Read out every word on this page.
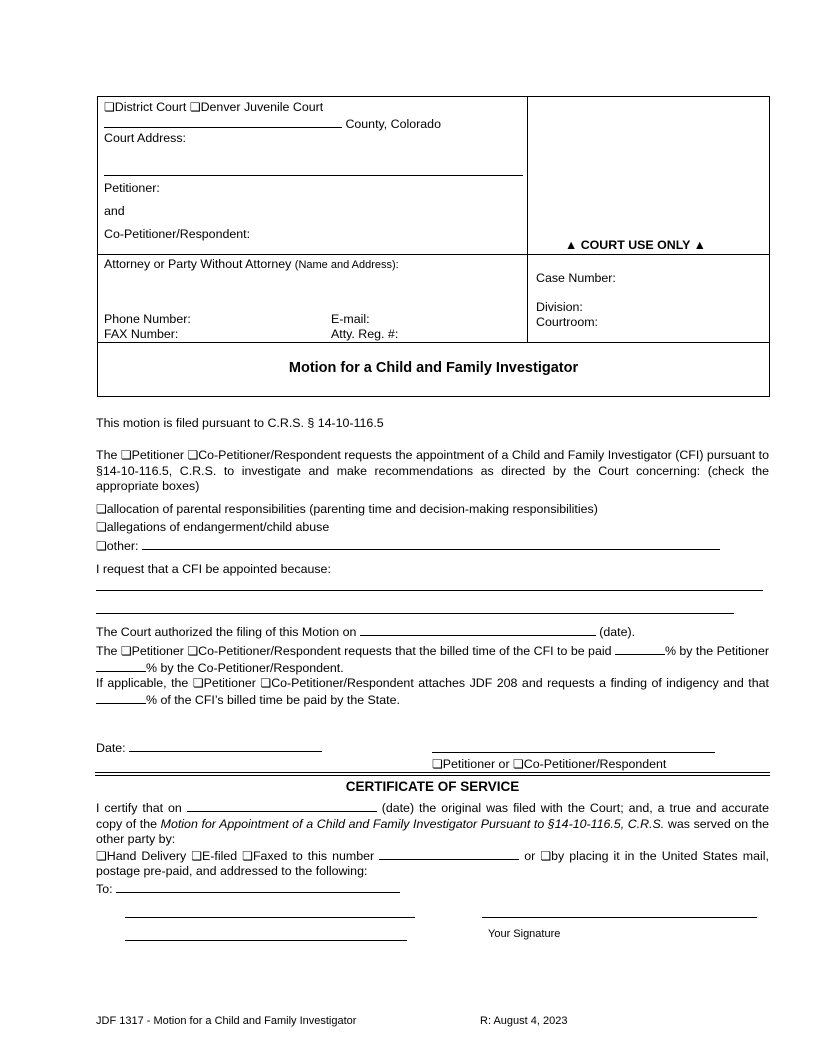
❏District Court ❏ Denver Juvenile Court
County, Colorado
Court Address:
Petitioner:
and
Co-Petitioner/Respondent:
▲ COURT USE ONLY ▲
Attorney or Party Without Attorney (Name and Address):
Phone Number:	E-mail:
FAX Number:	Atty. Reg. #:
Case Number:
Division:
Courtroom:
Motion for a Child and Family Investigator
This motion is filed pursuant to C.R.S. § 14-10-116.5

The ❏ Petitioner ❏ Co-Petitioner/Respondent requests the appointment of a Child and Family Investigator (CFI) pursuant to §14-10-116.5, C.R.S. to investigate and make recommendations as directed by the Court concerning: (check the appropriate boxes)

❏allocation of parental responsibilities (parenting time and decision-making responsibilities)
❏allegations of endangerment/child abuse
❏other:
I request that a CFI be appointed because:
The Court authorized the filing of this Motion on	(date).

The ❏ Petitioner ❏ Co-Petitioner/Respondent requests that the billed time of the CFI to be paid	% by the Petitioner % by the Co-Petitioner/Respondent.

If applicable, the ❏ Petitioner ❏ Co-Petitioner/Respondent attaches JDF 208 and requests a finding of indigency and that % of the CFI’s billed time be paid by the State.

Date:
❏Petitioner or ❏ Co-Petitioner/Respondent
CERTIFICATE OF SERVICE

I certify that on	(date) the original was filed with the Court; and, a true and accurate copy of the Motion for Appointment of a Child and Family Investigator Pursuant to §14-10-116.5, C.R.S. was served on the other party by:

❏Hand Delivery ❏ E-filed ❏ Faxed to this number	or ❏ by placing it in the United States mail, postage pre-paid, and addressed to the following:

To:
Your Signature
JDF 1317 - Motion for a Child and Family Investigator	R: August 4, 2023
